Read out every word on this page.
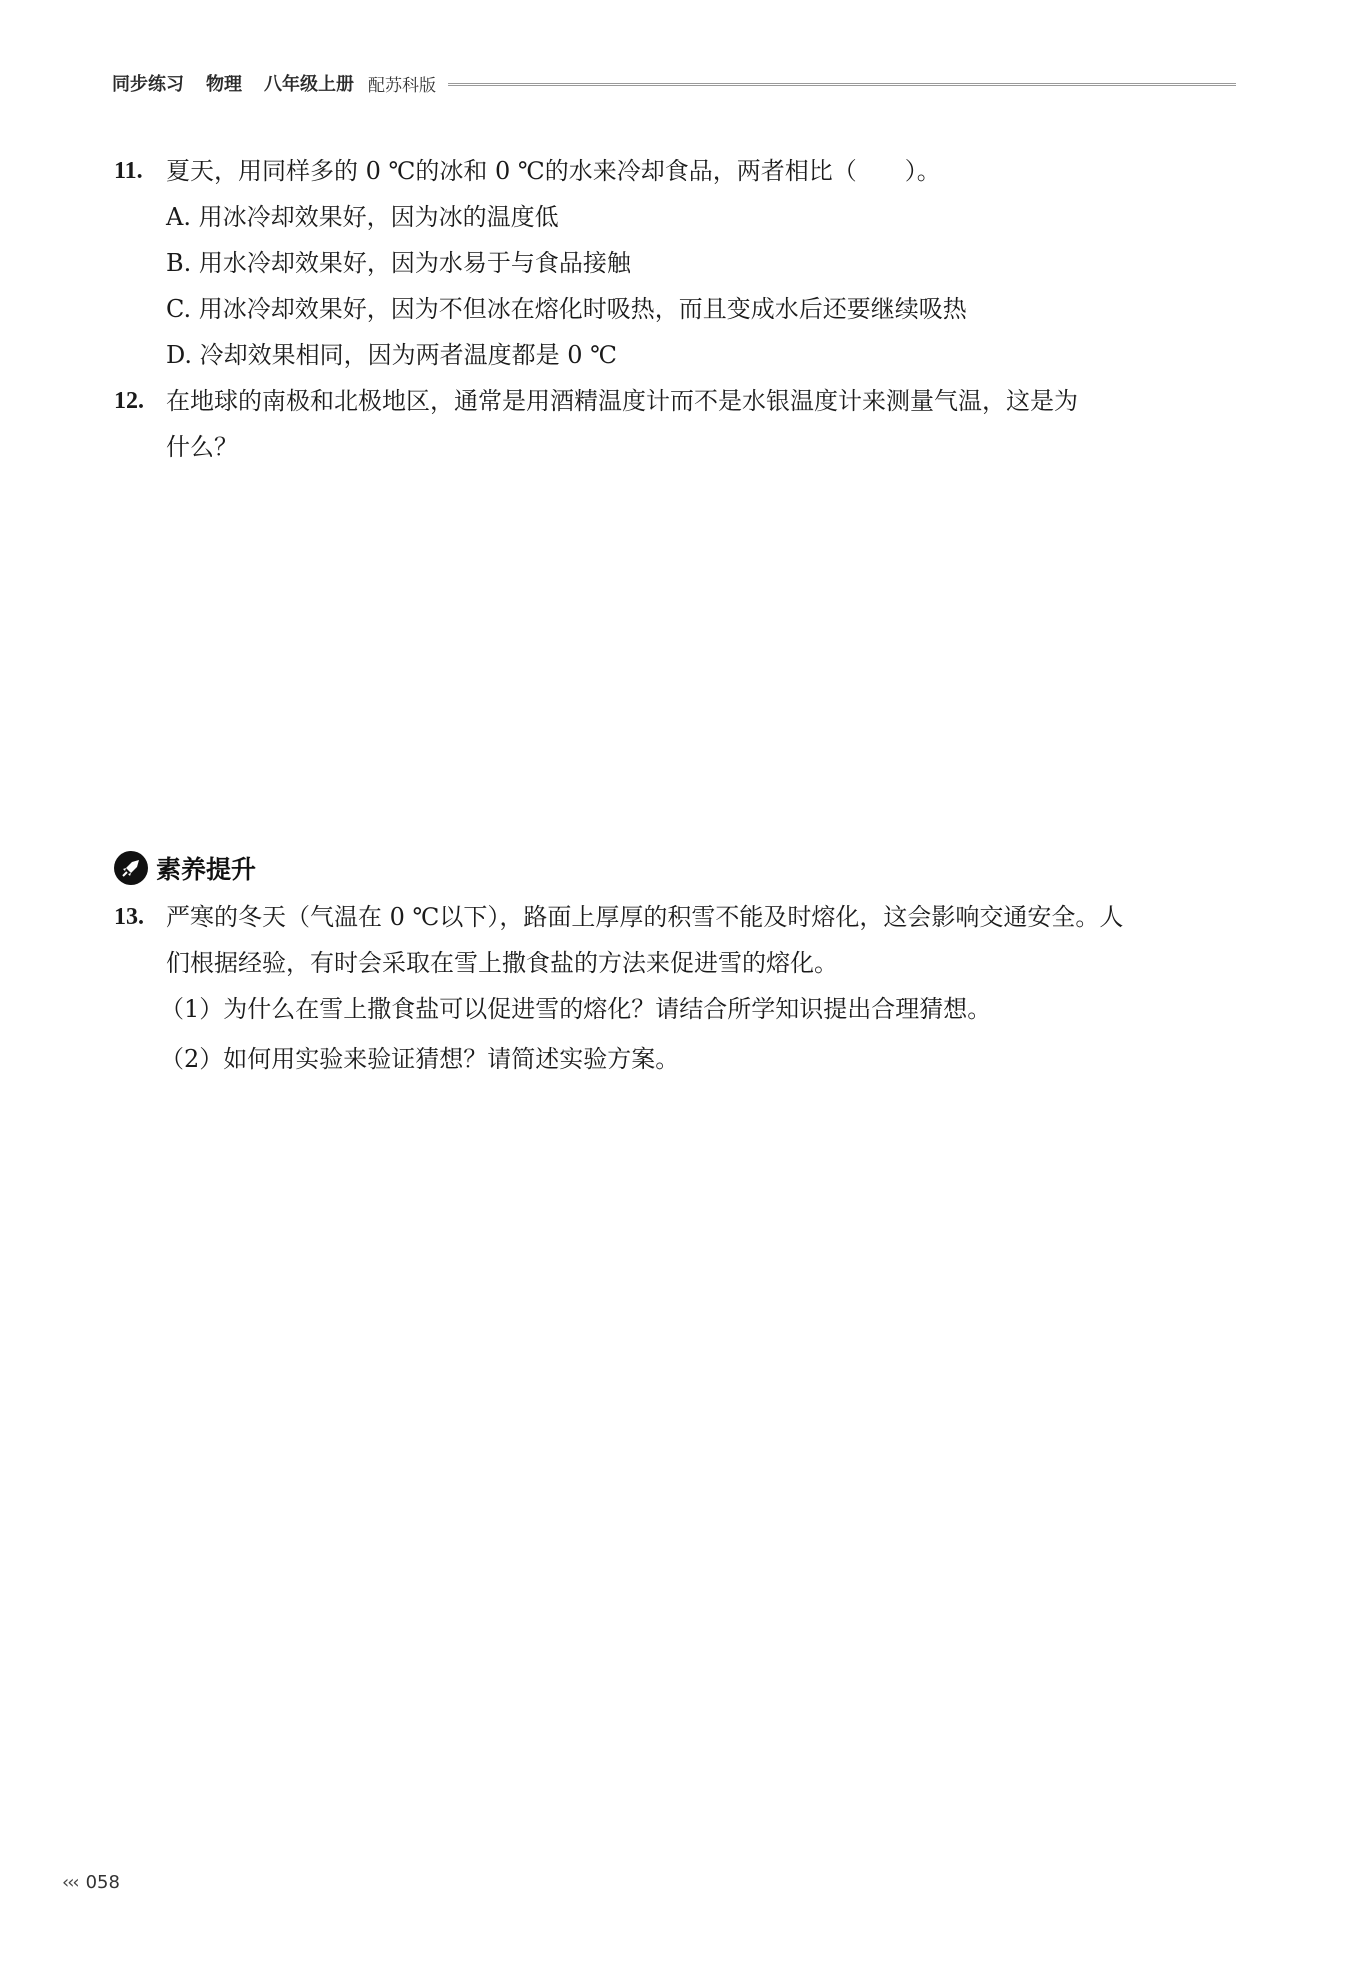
同步练习 物理 八年级上册 配苏科版
11. 夏天，用同样多的 0 ℃的冰和 0 ℃的水来冷却食品，两者相比（　　）。
A. 用冰冷却效果好，因为冰的温度低
B. 用水冷却效果好，因为水易于与食品接触
C. 用冰冷却效果好，因为不但冰在熔化时吸热，而且变成水后还要继续吸热
D. 冷却效果相同，因为两者温度都是 0 ℃
12. 在地球的南极和北极地区，通常是用酒精温度计而不是水银温度计来测量气温，这是为
什么？
素养提升
13. 严寒的冬天（气温在 0 ℃以下），路面上厚厚的积雪不能及时熔化，这会影响交通安全。人
们根据经验，有时会采取在雪上撒食盐的方法来促进雪的熔化。
（1）为什么在雪上撒食盐可以促进雪的熔化？请结合所学知识提出合理猜想。
（2）如何用实验来验证猜想？请简述实验方案。
‹‹‹ 058
